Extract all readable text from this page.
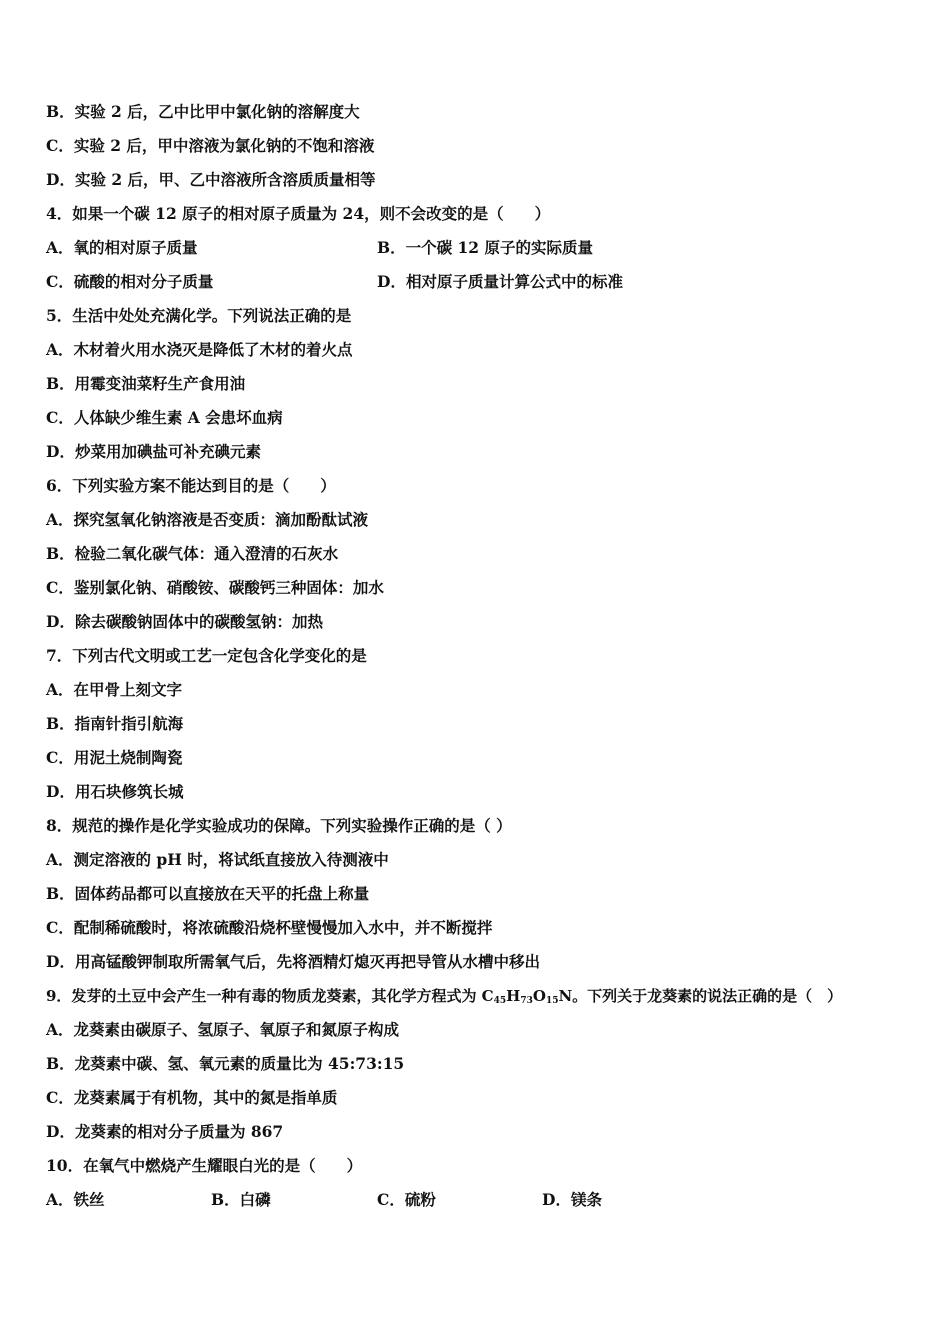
B．实验 2 后，乙中比甲中氯化钠的溶解度大
C．实验 2 后，甲中溶液为氯化钠的不饱和溶液
D．实验 2 后，甲、乙中溶液所含溶质质量相等
4．如果一个碳 12 原子的相对原子质量为 24，则不会改变的是（　　）
A．氧的相对原子质量	B．一个碳 12 原子的实际质量
C．硫酸的相对分子质量	D．相对原子质量计算公式中的标准
5．生活中处处充满化学。下列说法正确的是
A．木材着火用水浇灭是降低了木材的着火点
B．用霉变油菜籽生产食用油
C．人体缺少维生素 A 会患坏血病
D．炒菜用加碘盐可补充碘元素
6．下列实验方案不能达到目的是（　　）
A．探究氢氧化钠溶液是否变质：滴加酚酞试液
B．检验二氧化碳气体：通入澄清的石灰水
C．鉴别氯化钠、硝酸铵、碳酸钙三种固体：加水
D．除去碳酸钠固体中的碳酸氢钠：加热
7．下列古代文明或工艺一定包含化学变化的是
A．在甲骨上刻文字
B．指南针指引航海
C．用泥土烧制陶瓷
D．用石块修筑长城
8．规范的操作是化学实验成功的保障。下列实验操作正确的是（ ）
A．测定溶液的 pH 时，将试纸直接放入待测液中
B．固体药品都可以直接放在天平的托盘上称量
C．配制稀硫酸时，将浓硫酸沿烧杯壁慢慢加入水中，并不断搅拌
D．用高锰酸钾制取所需氧气后，先将酒精灯熄灭再把导管从水槽中移出
9．发芽的土豆中会产生一种有毒的物质龙葵素，其化学方程式为 $C_{45}H_{73}O_{15}N$。下列关于龙葵素的说法正确的是（　）
A．龙葵素由碳原子、氢原子、氧原子和氮原子构成
B．龙葵素中碳、氢、氧元素的质量比为 45:73:15
C．龙葵素属于有机物，其中的氮是指单质
D．龙葵素的相对分子质量为 867
10．在氧气中燃烧产生耀眼白光的是（　　）
A．铁丝	B．白磷	C．硫粉	D．镁条
